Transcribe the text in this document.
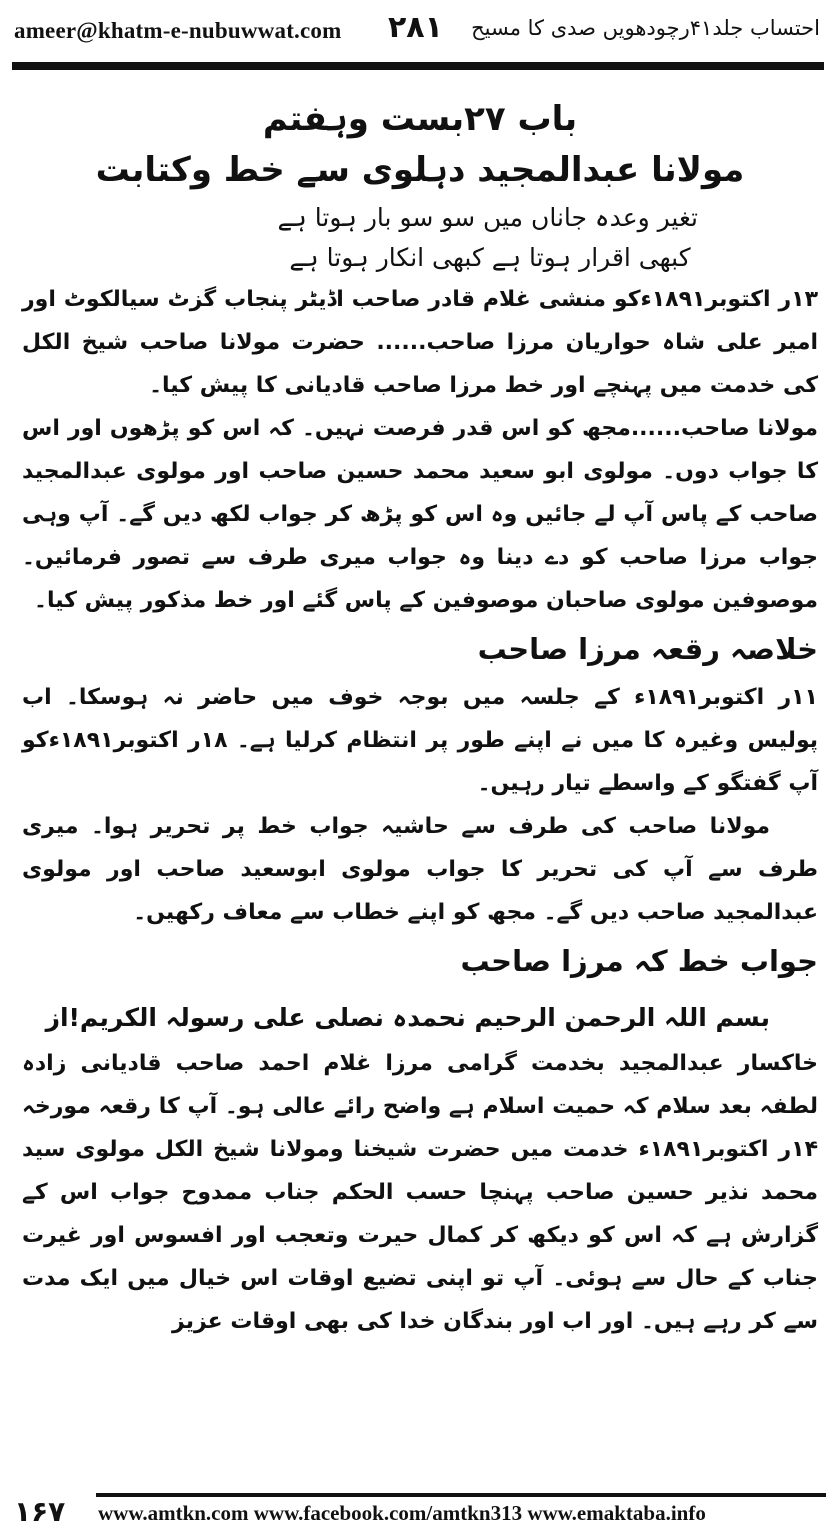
ameer@khatm-e-nubuwwat.com ۲۸۱ احتساب جلد۴۱رچودھویں صدی کا مسیح
باب ۲۷بست وہفتم
مولانا عبدالمجید دہلوی سے خط وکتابت
تغیر وعدہ جاناں میں سو سو بار ہوتا ہے
کبھی اقرار ہوتا ہے کبھی انکار ہوتا ہے

۱۳ر اکتوبر۱۸۹۱ءکو منشی غلام قادر صاحب اڈیٹر پنجاب گزٹ سیالکوٹ اور امیر علی شاہ حواریان مرزا صاحب...... حضرت مولانا صاحب شیخ الکل کی خدمت میں پہنچے اور خط مرزا صاحب قادیانی کا پیش کیا۔

مولانا صاحب......مجھ کو اس قدر فرصت نہیں۔ کہ اس کو پڑھوں اور اس کا جواب دوں۔ مولوی ابو سعید محمد حسین صاحب اور مولوی عبدالمجید صاحب کے پاس آپ لے جائیں وہ اس کو پڑھ کر جواب لکھ دیں گے۔ آپ وہی جواب مرزا صاحب کو دے دینا وہ جواب میری طرف سے تصور فرمائیں۔ موصوفین مولوی صاحبان موصوفین کے پاس گئے اور خط مذکور پیش کیا۔

خلاصہ رقعہ مرزا صاحب

۱۱ر اکتوبر۱۸۹۱ء کے جلسہ میں بوجہ خوف میں حاضر نہ ہوسکا۔ اب پولیس وغیرہ کا میں نے اپنے طور پر انتظام کرلیا ہے۔ ۱۸ر اکتوبر۱۸۹۱ءکو آپ گفتگو کے واسطے تیار رہیں۔

مولانا صاحب کی طرف سے حاشیہ جواب خط پر تحریر ہوا۔ میری طرف سے آپ کی تحریر کا جواب مولوی ابوسعید صاحب اور مولوی عبدالمجید صاحب دیں گے۔ مجھ کو اپنے خطاب سے معاف رکھیں۔

جواب خط کہ مرزا صاحب
بسم اللہ الرحمن الرحیم نحمدہ نصلی علی رسولہ الکریم!از

خاکسار عبدالمجید بخدمت گرامی مرزا غلام احمد صاحب قادیانی زادہ لطفہ بعد سلام کہ حمیت اسلام ہے واضح رائے عالی ہو۔ آپ کا رقعہ مورخہ ۱۴ر اکتوبر۱۸۹۱ء خدمت میں حضرت شیخنا ومولانا شیخ الکل مولوی سید محمد نذیر حسین صاحب پہنچا حسب الحکم جناب ممدوح جواب اس کے گزارش ہے کہ اس کو دیکھ کر کمال حیرت وتعجب اور افسوس اور غیرت جناب کے حال سے ہوئی۔ آپ تو اپنی تضیع اوقات اس خیال میں ایک مدت سے کر رہے ہیں۔ اور اب اور بندگان خدا کی بھی اوقات عزیز

۱۶۷ www.amtkn.com www.facebook.com/amtkn313 www.emaktaba.info
